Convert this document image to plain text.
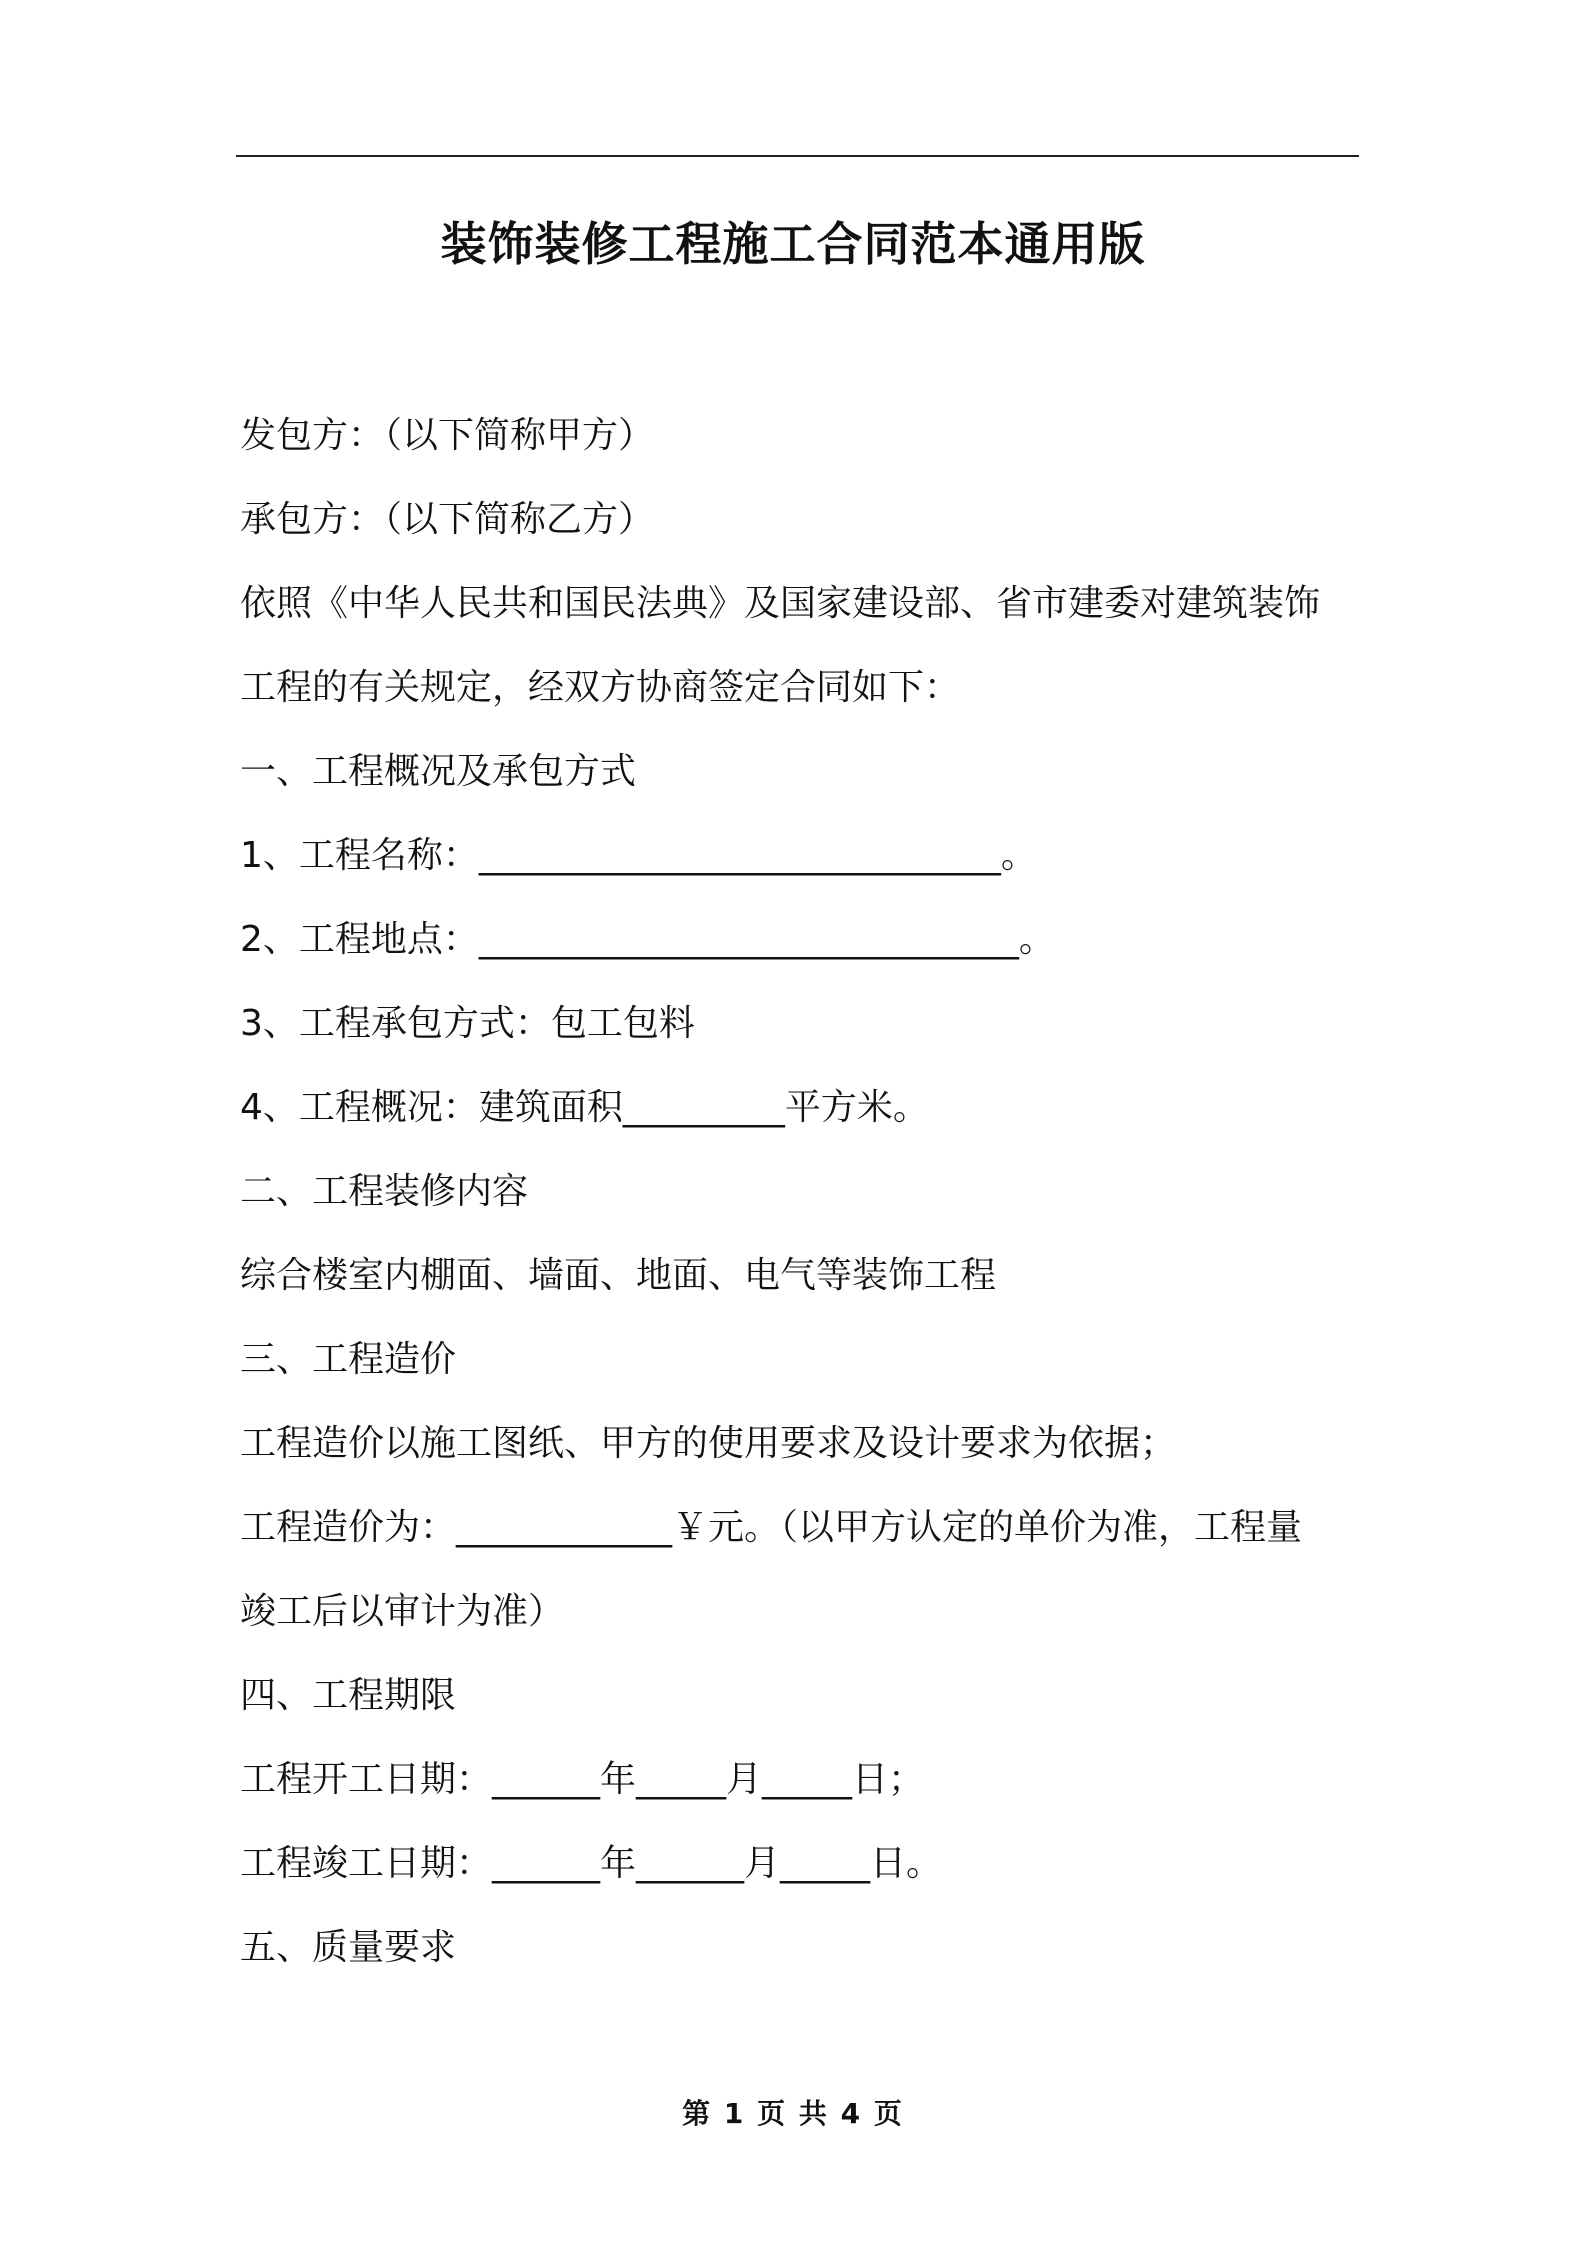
装饰装修工程施工合同范本通用版
发包方：（以下简称甲方）
承包方：（以下简称乙方）
依照《中华人民共和国民法典》及国家建设部、省市建委对建筑装饰
工程的有关规定，经双方协商签定合同如下：
一、工程概况及承包方式
1、工程名称：_____________________________。
2、工程地点：______________________________。
3、工程承包方式：包工包料
4、工程概况：建筑面积_________平方米。
二、工程装修内容
综合楼室内棚面、墙面、地面、电气等装饰工程
三、工程造价
工程造价以施工图纸、甲方的使用要求及设计要求为依据；
工程造价为：____________￥元。（以甲方认定的单价为准，工程量
竣工后以审计为准）
四、工程期限
工程开工日期：______年_____月_____日；
工程竣工日期：______年______月_____日。
五、质量要求
第 1 页 共 4 页
